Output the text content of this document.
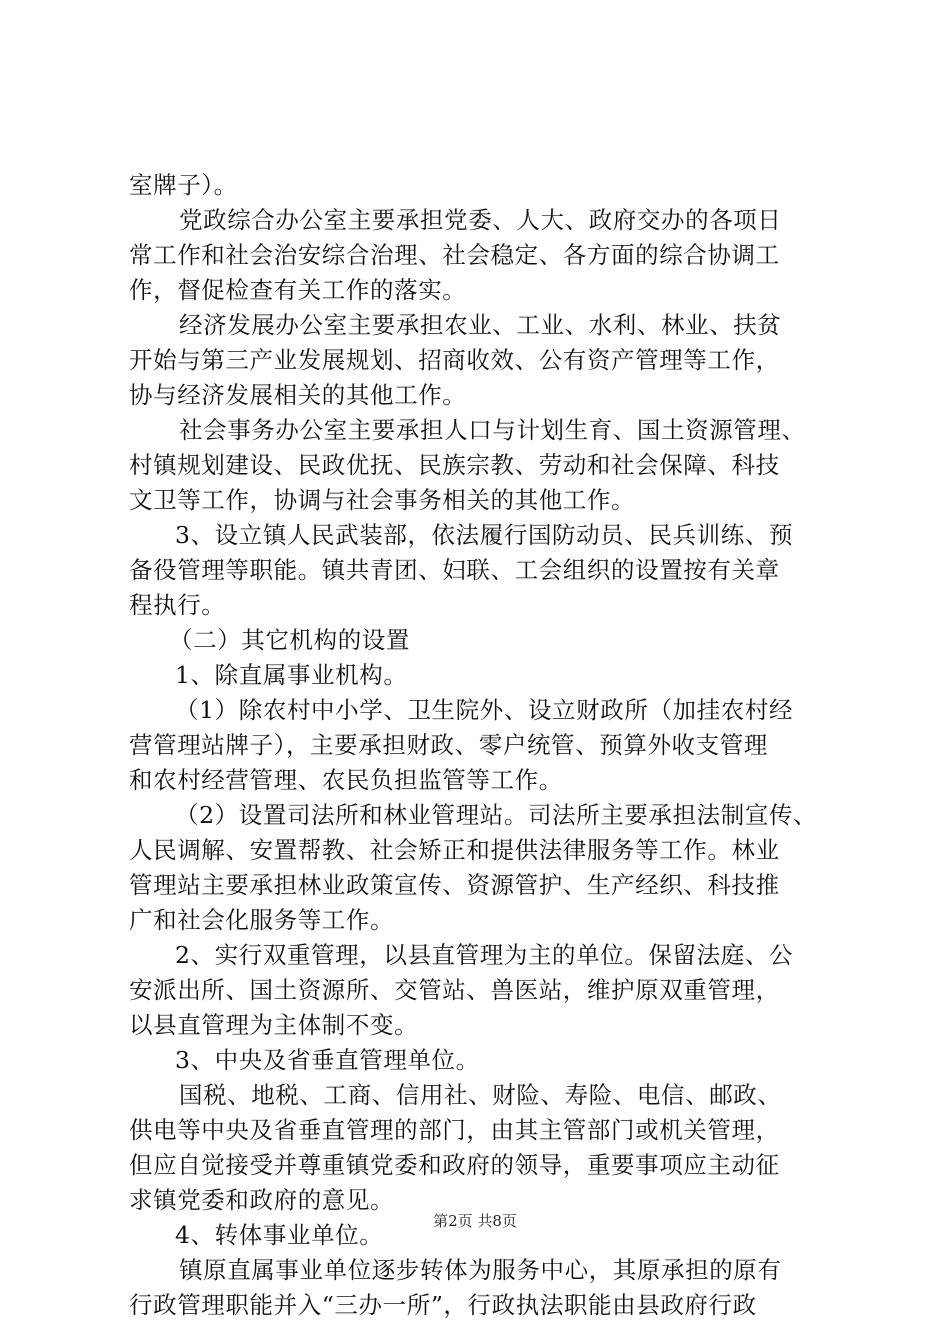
室牌子）。
党政综合办公室主要承担党委、人大、政府交办的各项日
常工作和社会治安综合治理、社会稳定、各方面的综合协调工
作，督促检查有关工作的落实。
经济发展办公室主要承担农业、工业、水利、林业、扶贫
开始与第三产业发展规划、招商收效、公有资产管理等工作，
协与经济发展相关的其他工作。
社会事务办公室主要承担人口与计划生育、国土资源管理、
村镇规划建设、民政优抚、民族宗教、劳动和社会保障、科技
文卫等工作，协调与社会事务相关的其他工作。
3、设立镇人民武装部，依法履行国防动员、民兵训练、预
备役管理等职能。镇共青团、妇联、工会组织的设置按有关章
程执行。
（二）其它机构的设置
1、除直属事业机构。
（1）除农村中小学、卫生院外、设立财政所（加挂农村经
营管理站牌子），主要承担财政、零户统管、预算外收支管理
和农村经营管理、农民负担监管等工作。
（2）设置司法所和林业管理站。司法所主要承担法制宣传、
人民调解、安置帮教、社会矫正和提供法律服务等工作。林业
管理站主要承担林业政策宣传、资源管护、生产经织、科技推
广和社会化服务等工作。
2、实行双重管理，以县直管理为主的单位。保留法庭、公
安派出所、国土资源所、交管站、兽医站，维护原双重管理，
以县直管理为主体制不变。
3、中央及省垂直管理单位。
国税、地税、工商、信用社、财险、寿险、电信、邮政、
供电等中央及省垂直管理的部门，由其主管部门或机关管理，
但应自觉接受并尊重镇党委和政府的领导，重要事项应主动征
求镇党委和政府的意见。
4、转体事业单位。
镇原直属事业单位逐步转体为服务中心，其原承担的原有
行政管理职能并入“三办一所”，行政执法职能由县政府行政
第2页 共8页
